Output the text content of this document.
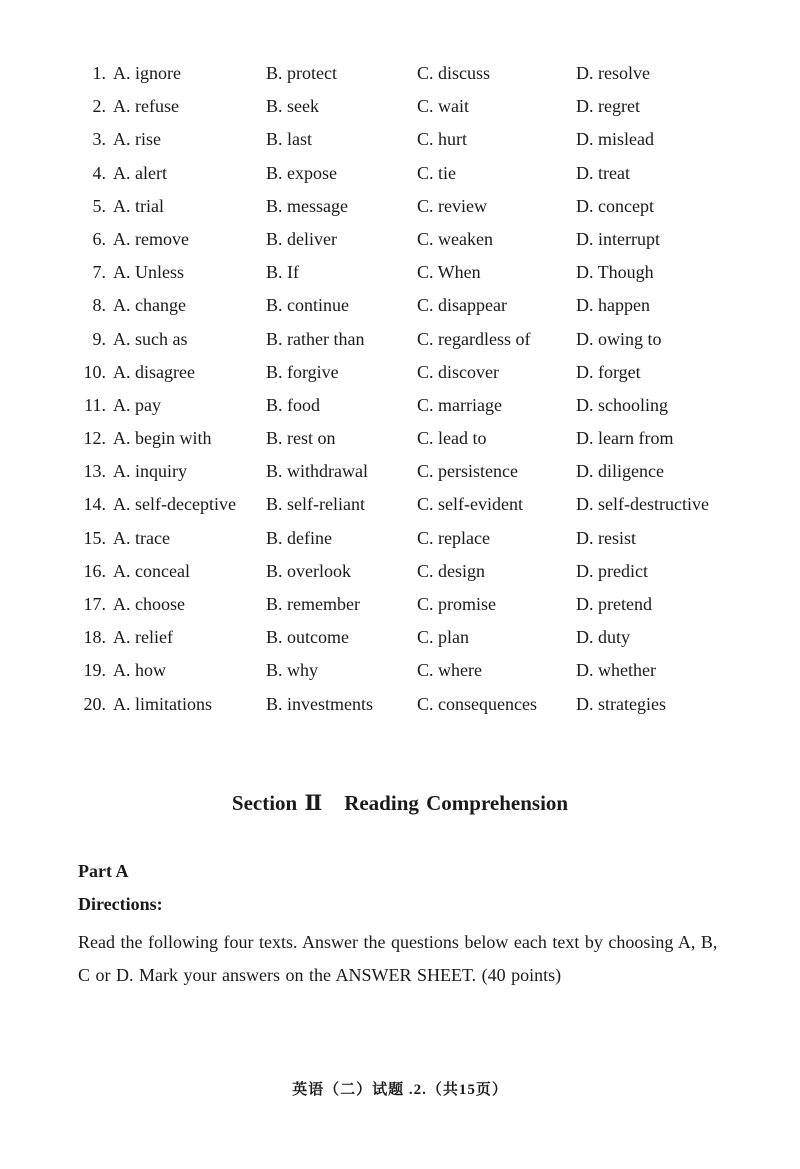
1. A. ignore	B. protect	C. discuss	D. resolve
2. A. refuse	B. seek	C. wait	D. regret
3. A. rise	B. last	C. hurt	D. mislead
4. A. alert	B. expose	C. tie	D. treat
5. A. trial	B. message	C. review	D. concept
6. A. remove	B. deliver	C. weaken	D. interrupt
7. A. Unless	B. If	C. When	D. Though
8. A. change	B. continue	C. disappear	D. happen
9. A. such as	B. rather than	C. regardless of	D. owing to
10. A. disagree	B. forgive	C. discover	D. forget
11. A. pay	B. food	C. marriage	D. schooling
12. A. begin with	B. rest on	C. lead to	D. learn from
13. A. inquiry	B. withdrawal	C. persistence	D. diligence
14. A. self-deceptive B. self-reliant	C. self-evident	D. self-destructive
15. A. trace	B. define	C. replace	D. resist
16. A. conceal	B. overlook	C. design	D. predict
17. A. choose	B. remember	C. promise	D. pretend
18. A. relief	B. outcome	C. plan	D. duty
19. A. how	B. why	C. where	D. whether
20. A. limitations	B. investments C. consequences D. strategies
Section Ⅱ Reading Comprehension
Part A
Directions:
Read the following four texts. Answer the questions below each text by choosing A, B, C or D. Mark your answers on the ANSWER SHEET. (40 points)
英语（二）试题 .2.（共15页）
